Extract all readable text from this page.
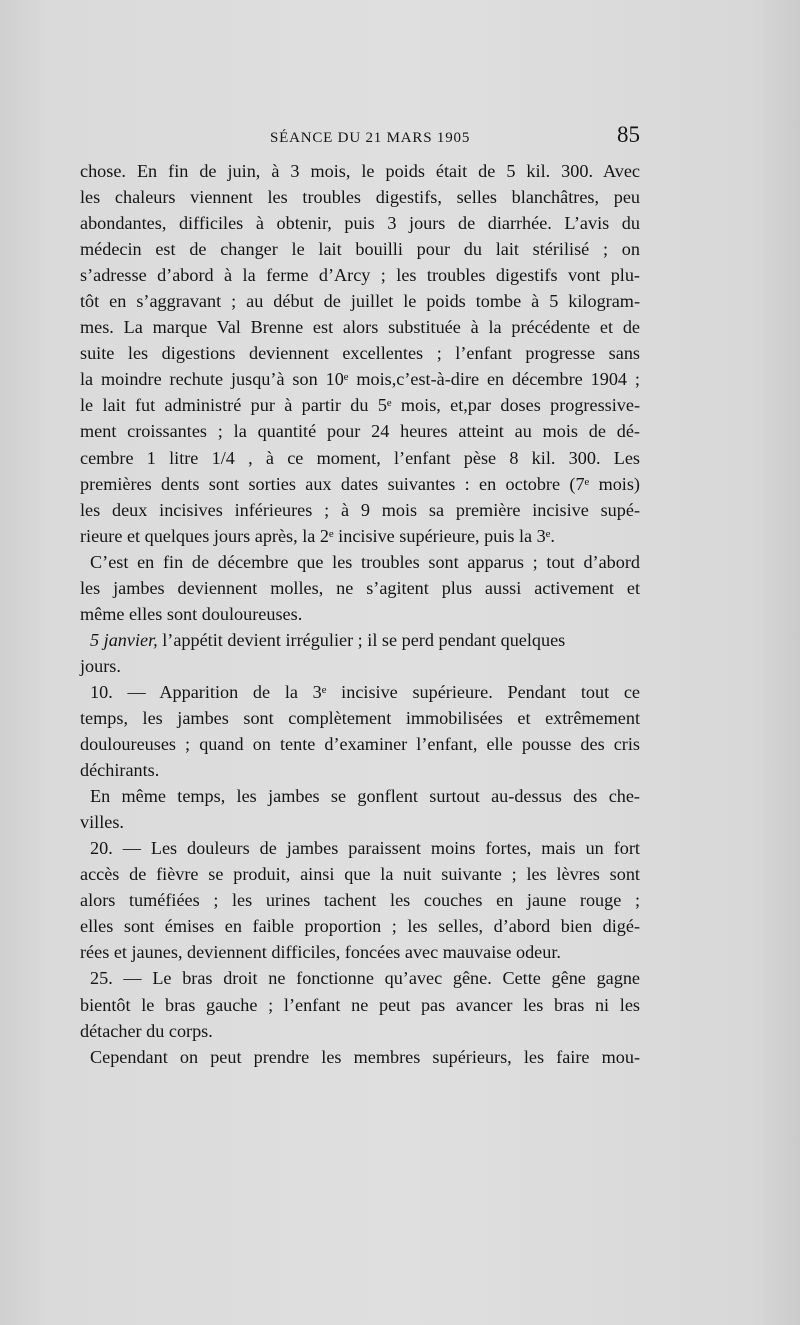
SÉANCE DU 21 MARS 1905	85
chose. En fin de juin, à 3 mois, le poids était de 5 kil. 300. Avec
les chaleurs viennent les troubles digestifs, selles blanchâtres, peu
abondantes, difficiles à obtenir, puis 3 jours de diarrhée. L’avis du
médecin est de changer le lait bouilli pour du lait stérilisé ; on
s’adresse d’abord à la ferme d’Arcy ; les troubles digestifs vont plu-
tôt en s’aggravant ; au début de juillet le poids tombe à 5 kilogram-
mes. La marque Val Brenne est alors substituée à la précédente et de
suite les digestions deviennent excellentes ; l’enfant progresse sans
la moindre rechute jusqu’à son 10ᵉ mois,c’est-à-dire en décembre 1904 ;
le lait fut administré pur à partir du 5ᵉ mois, et,par doses progressive-
ment croissantes ; la quantité pour 24 heures atteint au mois de dé-
cembre 1 litre 1/4 , à ce moment, l’enfant pèse 8 kil. 300. Les
premières dents sont sorties aux dates suivantes : en octobre (7ᵉ mois)
les deux incisives inférieures ; à 9 mois sa première incisive supé-
rieure et quelques jours après, la 2ᵉ incisive supérieure, puis la 3ᵉ.
C’est en fin de décembre que les troubles sont apparus ; tout d’abord
les jambes deviennent molles, ne s’agitent plus aussi activement et
même elles sont douloureuses.
5 janvier, l’appétit devient irrégulier ; il se perd pendant quelques
jours.
10. — Apparition de la 3ᵉ incisive supérieure. Pendant tout ce
temps, les jambes sont complètement immobilisées et extrêmement
douloureuses ; quand on tente d’examiner l’enfant, elle pousse des cris
déchirants.
En même temps, les jambes se gonflent surtout au-dessus des che-
villes.
20. — Les douleurs de jambes paraissent moins fortes, mais un fort
accès de fièvre se produit, ainsi que la nuit suivante ; les lèvres sont
alors tuméfiées ; les urines tachent les couches en jaune rouge ;
elles sont émises en faible proportion ; les selles, d’abord bien digé-
rées et jaunes, deviennent difficiles, foncées avec mauvaise odeur.
25. — Le bras droit ne fonctionne qu’avec gêne. Cette gêne gagne
bientôt le bras gauche ; l’enfant ne peut pas avancer les bras ni les
détacher du corps.
Cependant on peut prendre les membres supérieurs, les faire mou-
